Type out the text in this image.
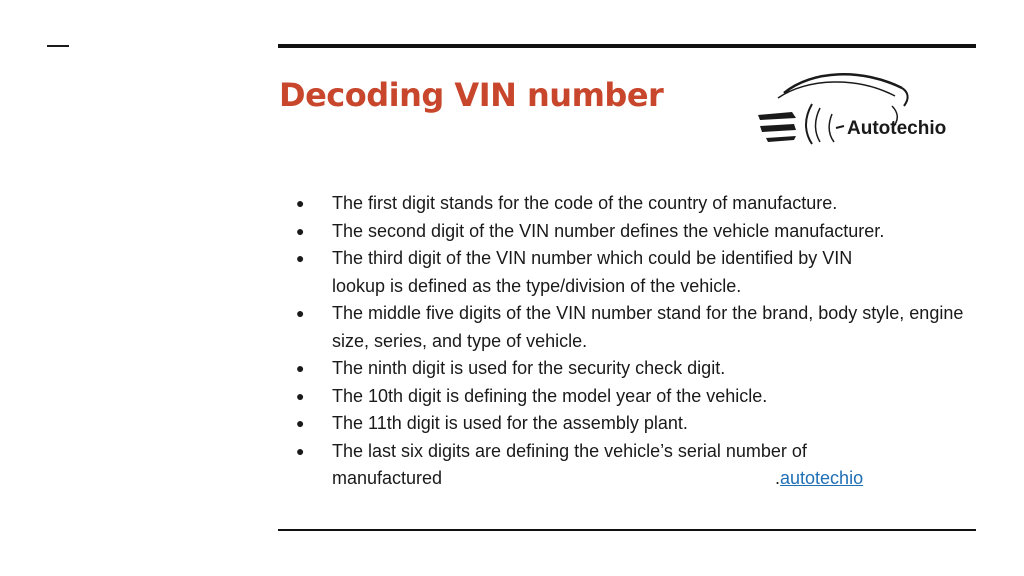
Decoding VIN number
Autotechio
● The first digit stands for the code of the country of manufacture.
● The second digit of the VIN number defines the vehicle manufacturer.
● The third digit of the VIN number which could be identified by VIN lookup is defined as the type/division of the vehicle.
● The middle five digits of the VIN number stand for the brand, body style, engine size, series, and type of vehicle.
● The ninth digit is used for the security check digit.
● The 10th digit is defining the model year of the vehicle.
● The 11th digit is used for the assembly plant.
● The last six digits are defining the vehicle’s serial number of manufactured	.autotechio
